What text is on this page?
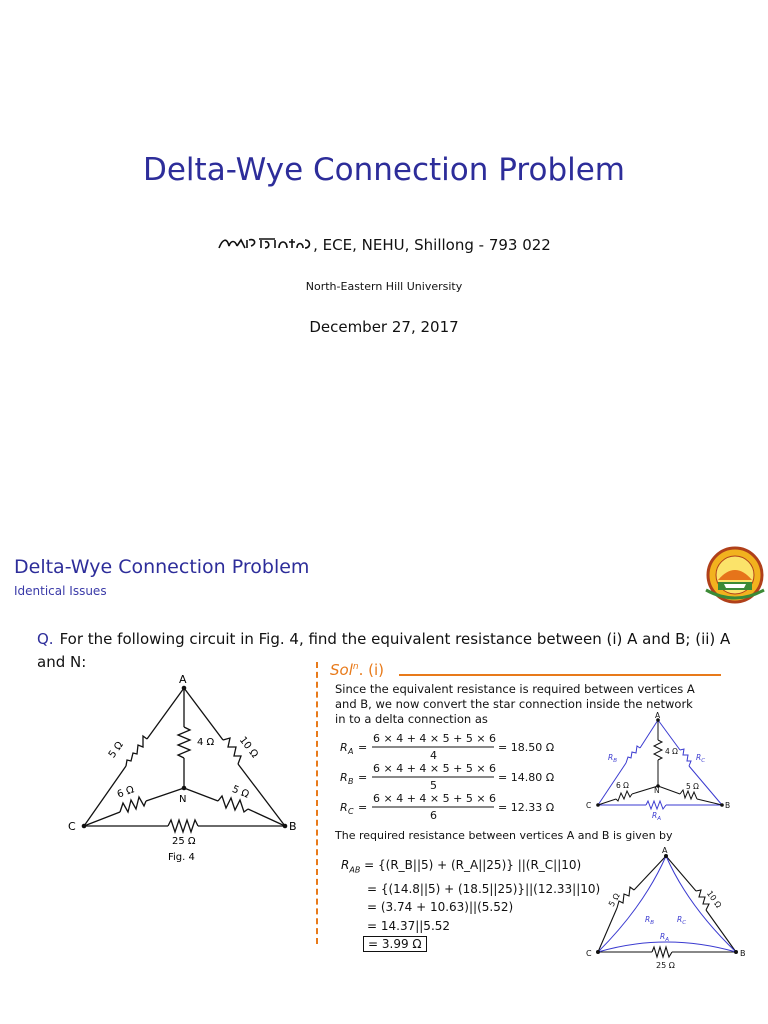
Delta-Wye Connection Problem
, ECE, NEHU, Shillong - 793 022
North-Eastern Hill University
December 27, 2017
Delta-Wye Connection Problem
Identical Issues
Q. For the following circuit in Fig. 4, find the equivalent resistance between (i) A and B; (ii) A and N:
A
C	B
N
5 Ω	10 Ω
4 Ω
6 Ω	5 Ω
25 Ω
Fig. 4
Sol$^n$. (i)
Since the equivalent resistance is required between vertices A and B, we now convert the star connection inside the network in to a delta connection as
R A =
6 × 4 + 4 × 5 + 5 × 6
4
= 18.50 Ω
R B =
6 × 4 + 4 × 5 + 5 × 6
5
= 14.80 Ω
R C =
6 × 4 + 4 × 5 + 5 × 6
6
= 12.33 Ω
A
C	B
N
4 Ω
6 Ω	5 Ω
$R_B$	$R_C$
$R_A$
The required resistance between vertices A and B is given by
$R_{AB}$ = {(R_B||5) + (R_A||25)} ||(R_C||10)
= {(14.8||5) + (18.5||25)}||(12.33||10)
= (3.74 + 10.63)||(5.52)
= 14.37||5.52
= 3.99 Ω
A
C	B
5 Ω	10 Ω
25 Ω
$R_B$	$R_C$
$R_A$
